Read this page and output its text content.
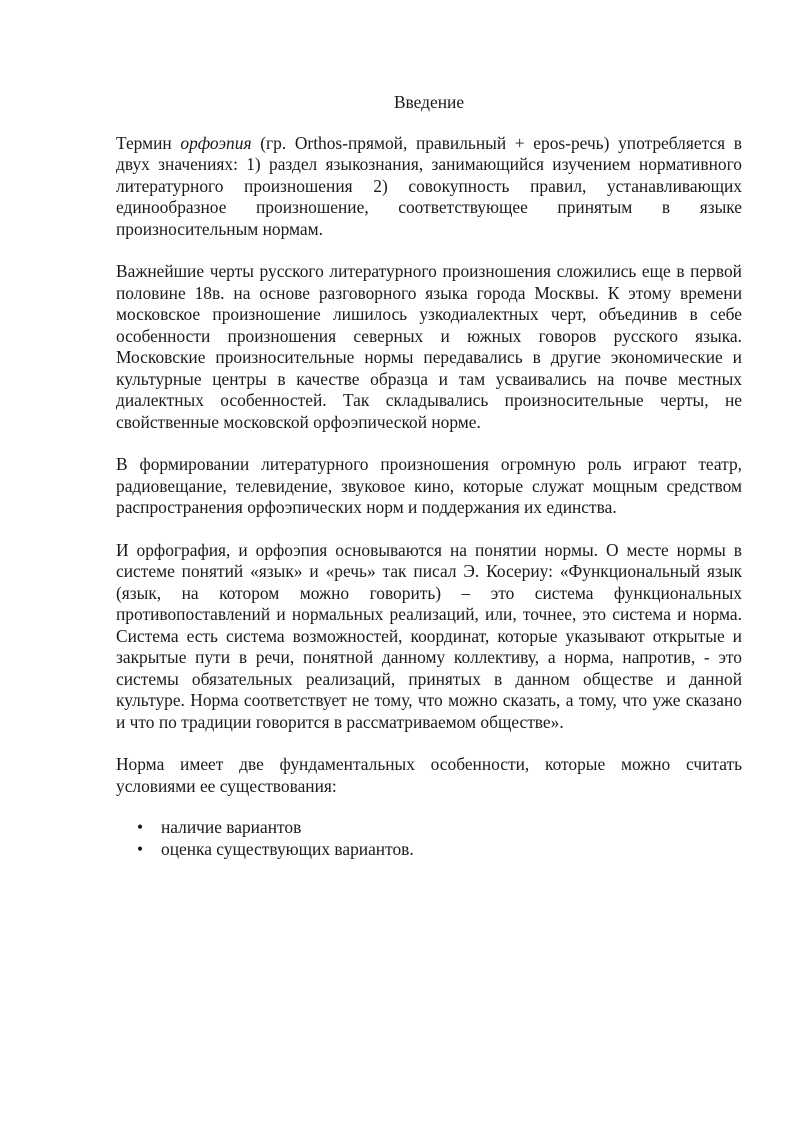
Введение

Термин орфоэпия (гр. Orthos-прямой, правильный + epos-речь) употребляется в двух значениях: 1) раздел языкознания, занимающийся изучением нормативного литературного произношения 2) совокупность правил, устанавливающих единообразное произношение, соответствующее принятым в языке произносительным нормам.

Важнейшие черты русского литературного произношения сложились еще в первой половине 18в. на основе разговорного языка города Москвы. К этому времени московское произношение лишилось узкодиалектных черт, объединив в себе особенности произношения северных и южных говоров русского языка. Московские произносительные нормы передавались в другие экономические и культурные центры в качестве образца и там усваивались на почве местных диалектных особенностей. Так складывались произносительные черты, не свойственные московской орфоэпической норме.

В формировании литературного произношения огромную роль играют театр, радиовещание, телевидение, звуковое кино, которые служат мощным средством распространения орфоэпических норм и поддержания их единства.

И орфография, и орфоэпия основываются на понятии нормы. О месте нормы в системе понятий «язык» и «речь» так писал Э. Косериу: «Функциональный язык (язык, на котором можно говорить) – это система функциональных противопоставлений и нормальных реализаций, или, точнее, это система и норма. Система есть система возможностей, координат, которые указывают открытые и закрытые пути в речи, понятной данному коллективу, а норма, напротив, - это системы обязательных реализаций, принятых в данном обществе и данной культуре. Норма соответствует не тому, что можно сказать, а тому, что уже сказано и что по традиции говорится в рассматриваемом обществе».

Норма имеет две фундаментальных особенности, которые можно считать условиями ее существования:

• наличие вариантов
• оценка существующих вариантов.
